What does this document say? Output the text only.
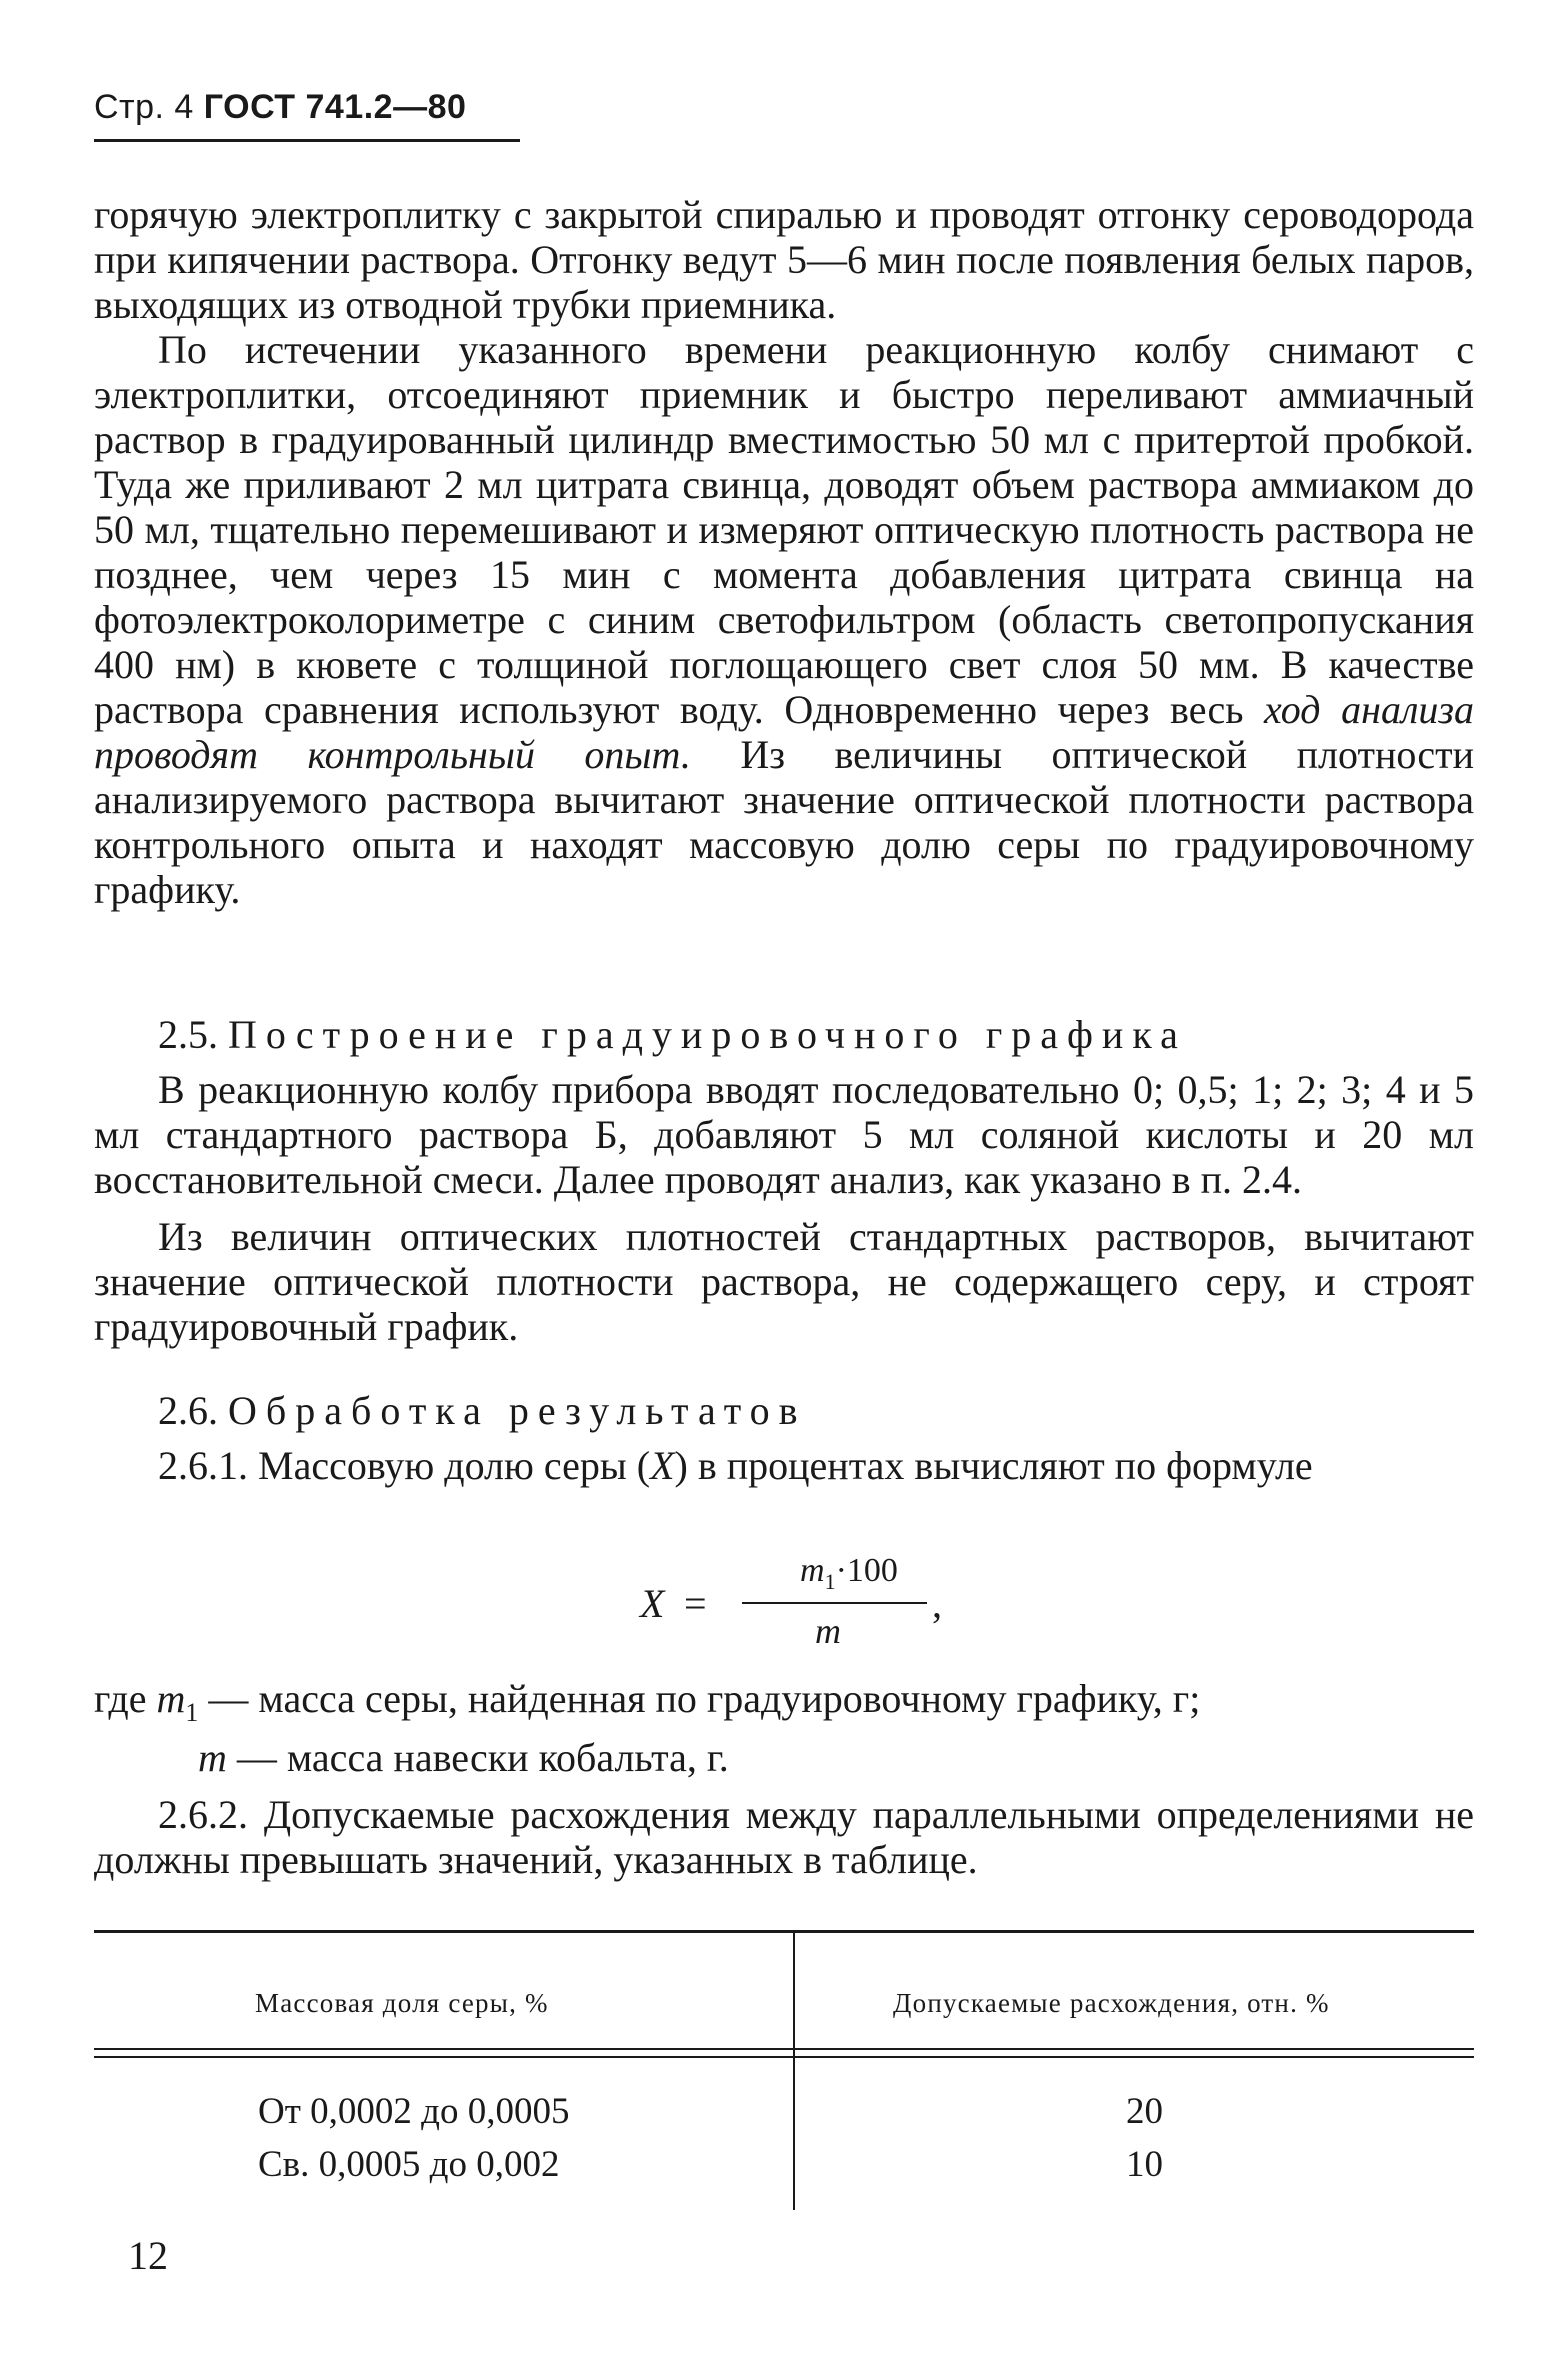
Стр. 4 ГОСТ 741.2—80

горячую электроплитку с закрытой спиралью и проводят отгонку сероводорода при кипячении раствора. Отгонку ведут 5—6 мин после появления белых паров, выходящих из отводной трубки приемника.

По истечении указанного времени реакционную колбу снимают с электроплитки, отсоединяют приемник и быстро переливают аммиачный раствор в градуированный цилиндр вместимостью 50 мл с притертой пробкой. Туда же приливают 2 мл цитрата свинца, доводят объем раствора аммиаком до 50 мл, тщательно перемешивают и измеряют оптическую плотность раствора не позднее, чем через 15 мин с момента добавления цитрата свинца на фотоэлектроколориметре с синим светофильтром (область светопропускания 400 нм) в кювете с толщиной поглощающего свет слоя 50 мм. В качестве раствора сравнения используют воду. Одновременно через весь ход анализа проводят контрольный опыт. Из величины оптической плотности анализируемого раствора вычитают значение оптической плотности раствора контрольного опыта и находят массовую долю серы по градуировочному графику.

2.5. Построение градуировочного графика

В реакционную колбу прибора вводят последовательно 0; 0,5; 1; 2; 3; 4 и 5 мл стандартного раствора Б, добавляют 5 мл соляной кислоты и 20 мл восстановительной смеси. Далее проводят анализ, как указано в п. 2.4.

Из величин оптических плотностей стандартных растворов, вычитают значение оптической плотности раствора, не содержащего серу, и строят градуировочный график.

2.6. Обработка результатов

2.6.1. Массовую долю серы (X) в процентах вычисляют по формуле

X =
$m_1\cdot 100$
m
,

где $m_1$ — масса серы, найденная по градуировочному графику, г;

m — масса навески кобальта, г.

2.6.2. Допускаемые расхождения между параллельными определениями не должны превышать значений, указанных в таблице.

Массовая доля серы, %	Допускаемые расхождения, отн. %
От 0,0002 до 0,0005	20
Св. 0,0005 до 0,002	10
12
